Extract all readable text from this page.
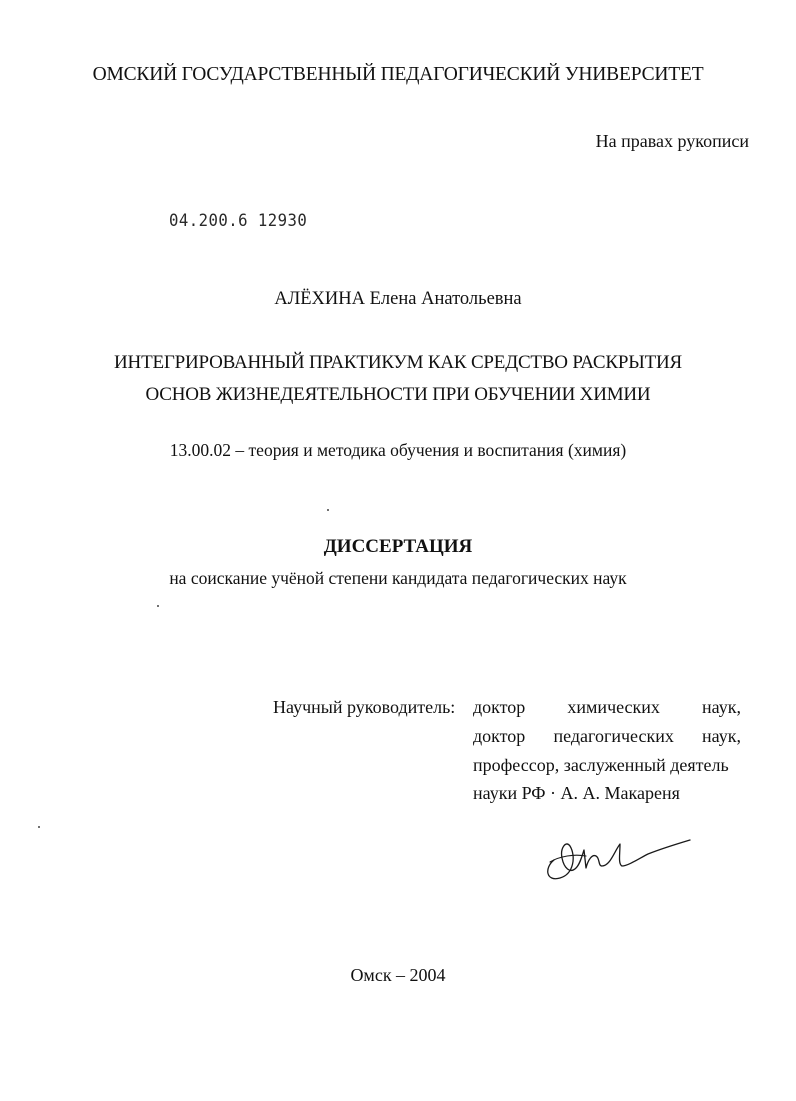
ОМСКИЙ ГОСУДАРСТВЕННЫЙ ПЕДАГОГИЧЕСКИЙ УНИВЕРСИТЕТ
На правах рукописи
04.200.6 12930
АЛЁХИНА Елена Анатольевна
ИНТЕГРИРОВАННЫЙ ПРАКТИКУМ КАК СРЕДСТВО РАСКРЫТИЯ
ОСНОВ ЖИЗНЕДЕЯТЕЛЬНОСТИ ПРИ ОБУЧЕНИИ ХИМИИ
13.00.02 – теория и методика обучения и воспитания (химия)
ДИССЕРТАЦИЯ
на соискание учёной степени кандидата педагогических наук
Научный руководитель: доктор химических наук,
доктор педагогических наук,
профессор, заслуженный деятель
науки РФ · А. А. Макареня
Омск – 2004
